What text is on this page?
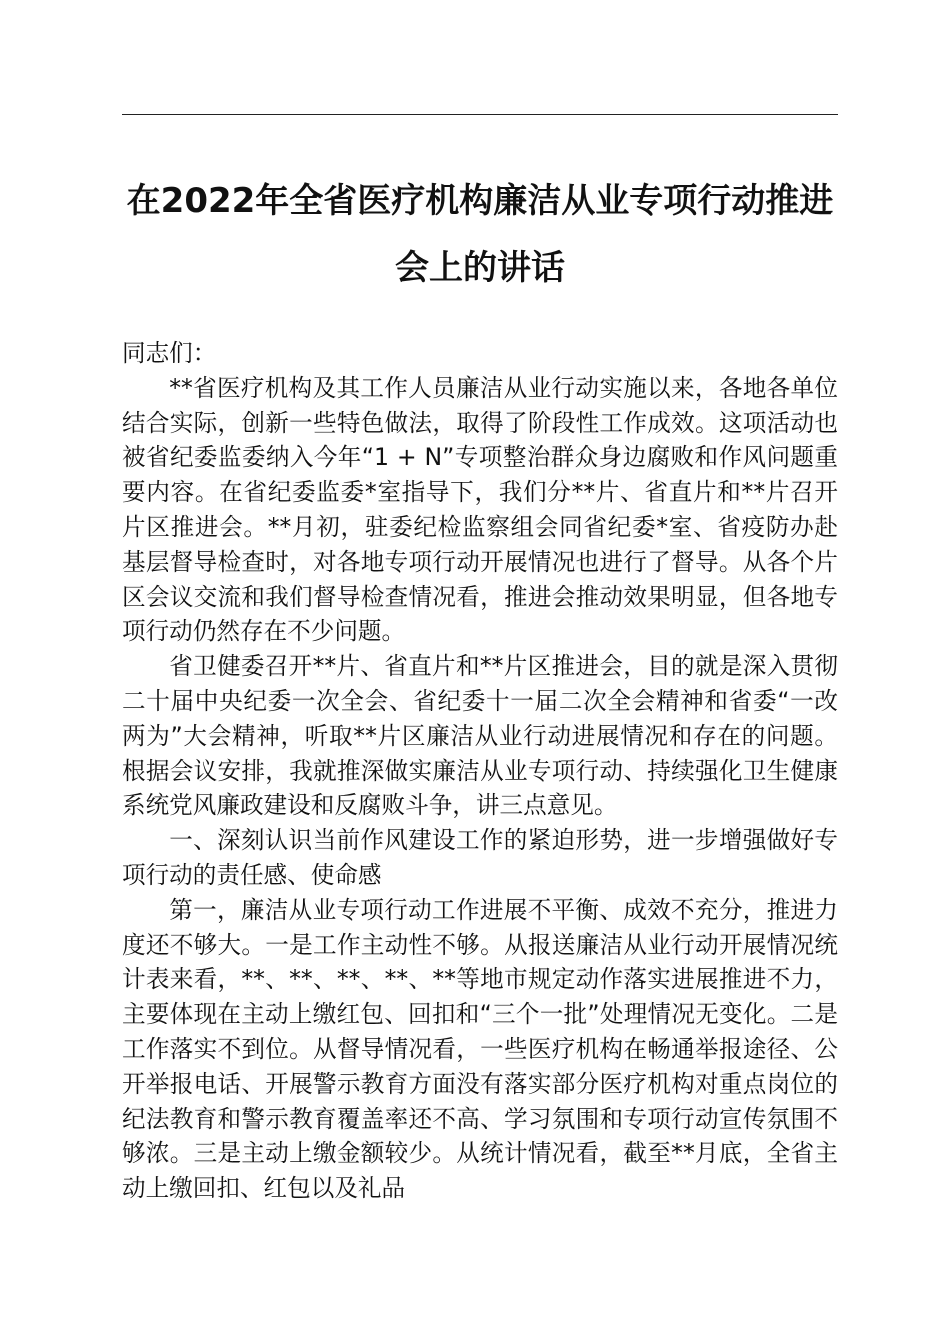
在2022年全省医疗机构廉洁从业专项行动推进会上的讲话

同志们：

**省医疗机构及其工作人员廉洁从业行动实施以来，各地各单位结合实际，创新一些特色做法，取得了阶段性工作成效。这项活动也被省纪委监委纳入今年“1 + N”专项整治群众身边腐败和作风问题重要内容。在省纪委监委*室指导下，我们分**片、省直片和**片召开片区推进会。**月初，驻委纪检监察组会同省纪委*室、省疫防办赴基层督导检查时，对各地专项行动开展情况也进行了督导。从各个片区会议交流和我们督导检查情况看，推进会推动效果明显，但各地专项行动仍然存在不少问题。

省卫健委召开**片、省直片和**片区推进会，目的就是深入贯彻二十届中央纪委一次全会、省纪委十一届二次全会精神和省委“一改两为”大会精神，听取**片区廉洁从业行动进展情况和存在的问题。根据会议安排，我就推深做实廉洁从业专项行动、持续强化卫生健康系统党风廉政建设和反腐败斗争，讲三点意见。

一、深刻认识当前作风建设工作的紧迫形势，进一步增强做好专项行动的责任感、使命感

第一，廉洁从业专项行动工作进展不平衡、成效不充分，推进力度还不够大。一是工作主动性不够。从报送廉洁从业行动开展情况统计表来看，**、**、**、**、**等地市规定动作落实进展推进不力，主要体现在主动上缴红包、回扣和“三个一批”处理情况无变化。二是工作落实不到位。从督导情况看，一些医疗机构在畅通举报途径、公开举报电话、开展警示教育方面没有落实部分医疗机构对重点岗位的纪法教育和警示教育覆盖率还不高、学习氛围和专项行动宣传氛围不够浓。三是主动上缴金额较少。从统计情况看，截至**月底，全省主动上缴回扣、红包以及礼品
